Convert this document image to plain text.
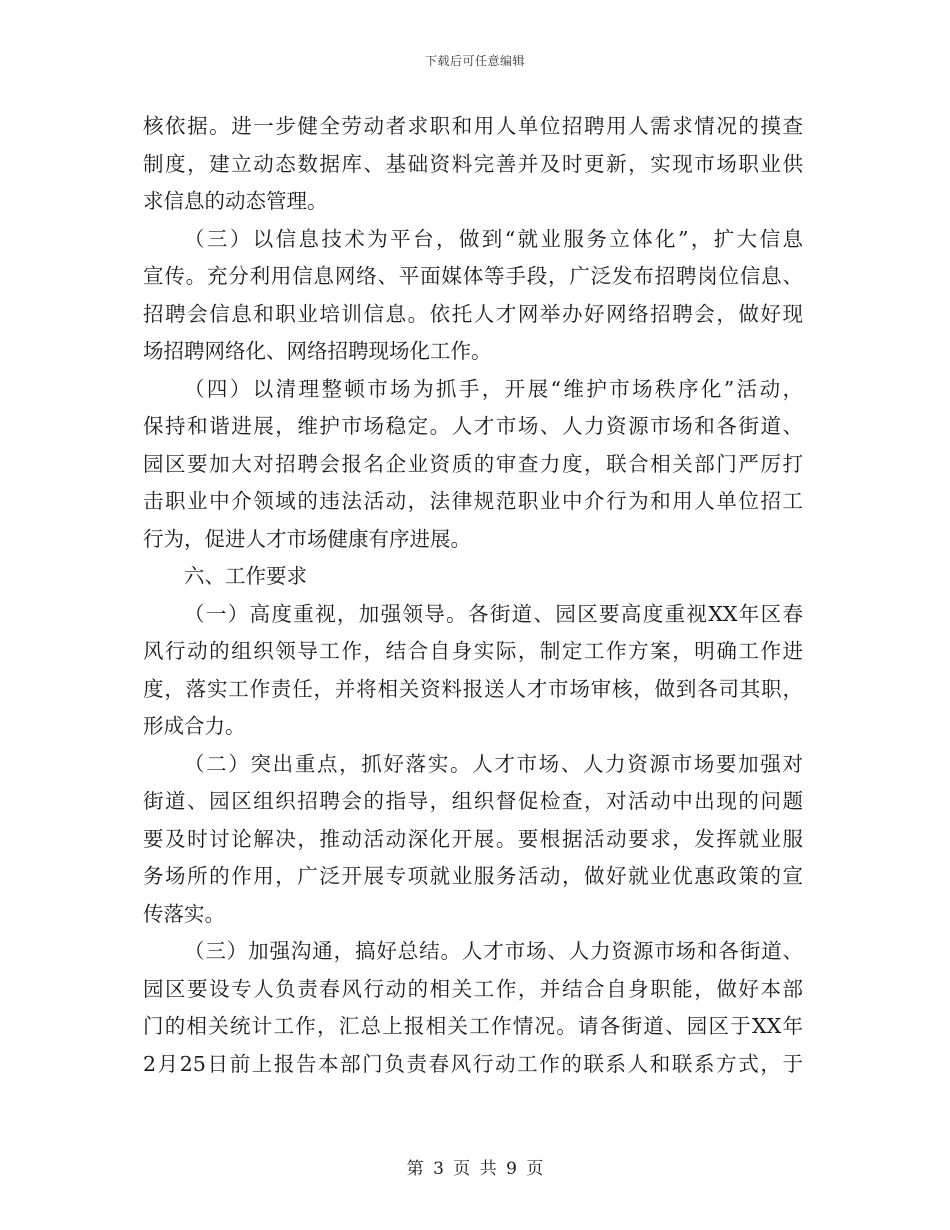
下载后可任意编辑
核依据。进一步健全劳动者求职和用人单位招聘用人需求情况的摸查
制度，建立动态数据库、基础资料完善并及时更新，实现市场职业供
求信息的动态管理。
（三）以信息技术为平台，做到“就业服务立体化”，扩大信息
宣传。充分利用信息网络、平面媒体等手段，广泛发布招聘岗位信息、
招聘会信息和职业培训信息。依托人才网举办好网络招聘会，做好现
场招聘网络化、网络招聘现场化工作。
（四）以清理整顿市场为抓手，开展“维护市场秩序化”活动，
保持和谐进展，维护市场稳定。人才市场、人力资源市场和各街道、
园区要加大对招聘会报名企业资质的审查力度，联合相关部门严厉打
击职业中介领域的违法活动，法律规范职业中介行为和用人单位招工
行为，促进人才市场健康有序进展。
六、工作要求
（一）高度重视，加强领导。各街道、园区要高度重视XX年区春
风行动的组织领导工作，结合自身实际，制定工作方案，明确工作进
度，落实工作责任，并将相关资料报送人才市场审核，做到各司其职，
形成合力。
（二）突出重点，抓好落实。人才市场、人力资源市场要加强对
街道、园区组织招聘会的指导，组织督促检查，对活动中出现的问题
要及时讨论解决，推动活动深化开展。要根据活动要求，发挥就业服
务场所的作用，广泛开展专项就业服务活动，做好就业优惠政策的宣
传落实。
（三）加强沟通，搞好总结。人才市场、人力资源市场和各街道、
园区要设专人负责春风行动的相关工作，并结合自身职能，做好本部
门的相关统计工作，汇总上报相关工作情况。请各街道、园区于XX年
2月25日前上报告本部门负责春风行动工作的联系人和联系方式，于
第 3 页 共 9 页
